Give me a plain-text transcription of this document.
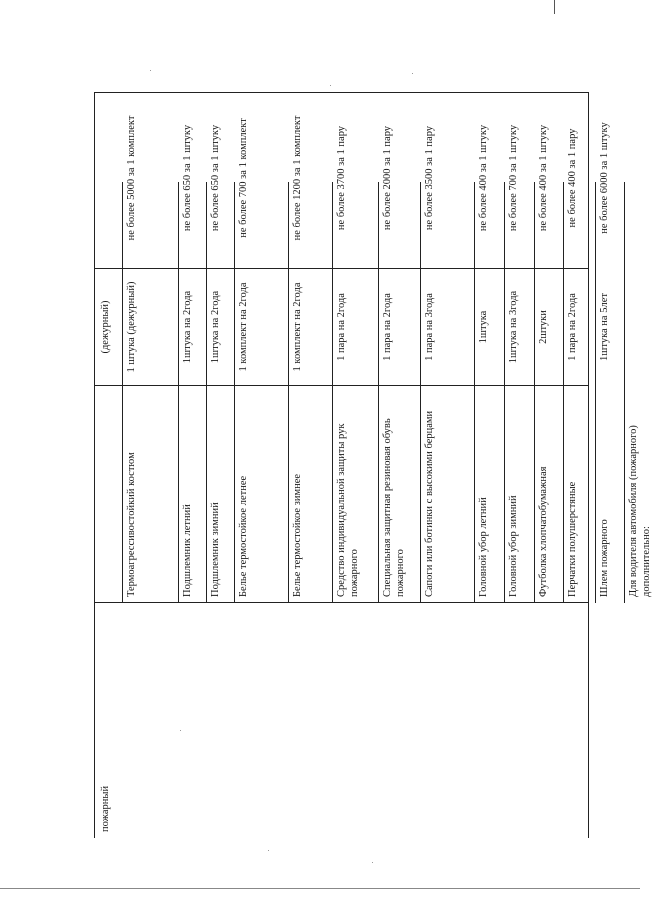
пожарный
(дежурный)
Термоагрессивостойкий костюм
1 штука (дежурный)
не более 5000 за 1 комплект
Подшлемник летний
1штука на 2года
не более 650 за 1 штуку
Подшлемник зимний
1штука на 2года
не более 650 за 1 штуку
Белье термостойкое летнее
1 комплект на 2года
не более 700 за 1 комплект
Белье термостойкое зимнее
1 комплект на 2года
не более 1200 за 1 комплект
Средство индивидуальной защиты рук пожарного
1 пара на 2года
не более 3700 за 1 пару
Специальная защитная резиновая обувь пожарного
1 пара на 2года
не более 2000 за 1 пару
Сапоги или ботинки с высокими берцами
1 пара на 3года
не более 3500 за 1 пару
Головной убор летний
1штука
не более 400 за 1 штуку
Головной убор зимний
1штука на 3года
не более 700 за 1 штуку
Футболка хлопчатобумажная
2штуки
не более 400 за 1 штуку
Перчатки полушерстяные
1 пара на 2года
не более 400 за 1 пару
Шлем пожарного
1штука на 5лет
не более 6000 за 1 штуку
Для водителя автомобиля (пожарного) дополнительно:
